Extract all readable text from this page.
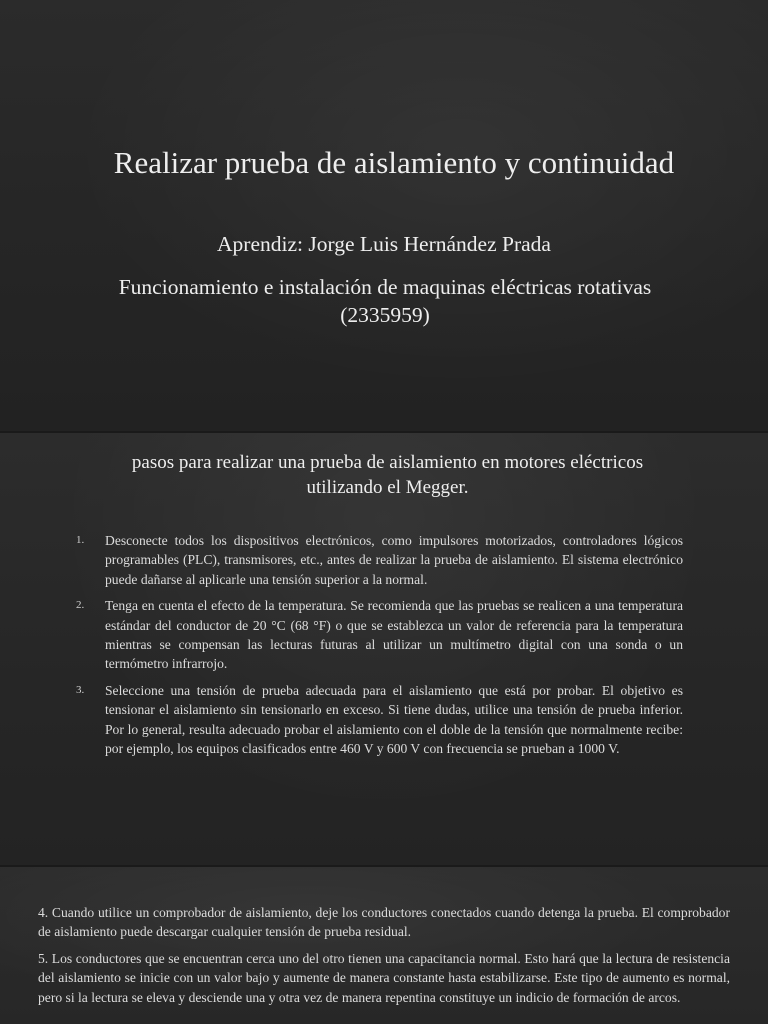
Realizar prueba de aislamiento y continuidad
Aprendiz: Jorge Luis Hernández Prada
Funcionamiento e instalación de maquinas eléctricas rotativas (2335959)
pasos para realizar una prueba de aislamiento en motores eléctricos utilizando el Megger.
1. Desconecte todos los dispositivos electrónicos, como impulsores motorizados, controladores lógicos programables (PLC), transmisores, etc., antes de realizar la prueba de aislamiento. El sistema electrónico puede dañarse al aplicarle una tensión superior a la normal.
2. Tenga en cuenta el efecto de la temperatura. Se recomienda que las pruebas se realicen a una temperatura estándar del conductor de 20 °C (68 °F) o que se establezca un valor de referencia para la temperatura mientras se compensan las lecturas futuras al utilizar un multímetro digital con una sonda o un termómetro infrarrojo.
3. Seleccione una tensión de prueba adecuada para el aislamiento que está por probar. El objetivo es tensionar el aislamiento sin tensionarlo en exceso. Si tiene dudas, utilice una tensión de prueba inferior. Por lo general, resulta adecuado probar el aislamiento con el doble de la tensión que normalmente recibe: por ejemplo, los equipos clasificados entre 460 V y 600 V con frecuencia se prueban a 1000 V.

4. Cuando utilice un comprobador de aislamiento, deje los conductores conectados cuando detenga la prueba. El comprobador de aislamiento puede descargar cualquier tensión de prueba residual.

5. Los conductores que se encuentran cerca uno del otro tienen una capacitancia normal. Esto hará que la lectura de resistencia del aislamiento se inicie con un valor bajo y aumente de manera constante hasta estabilizarse. Este tipo de aumento es normal, pero si la lectura se eleva y desciende una y otra vez de manera repentina constituye un indicio de formación de arcos.
